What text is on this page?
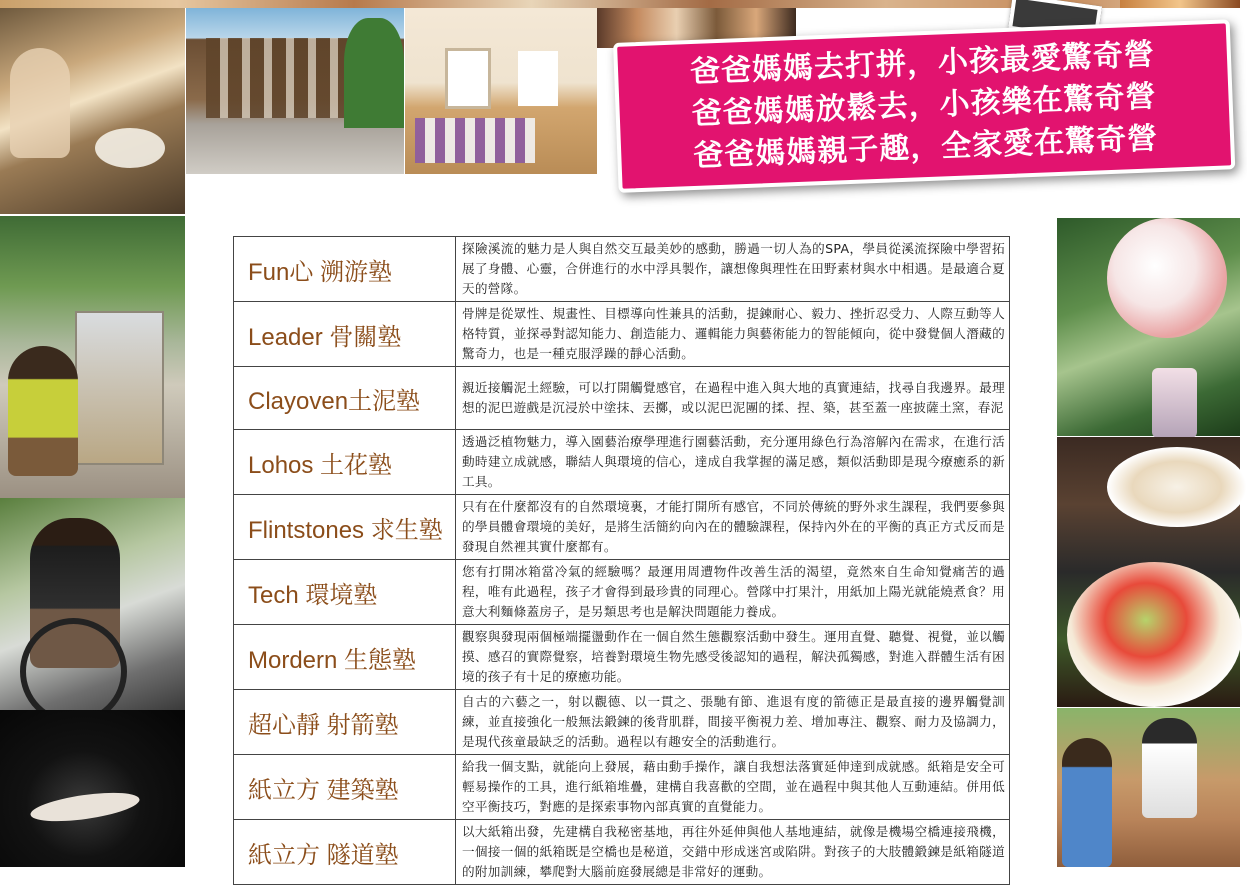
爸爸媽媽去打拼，小孩最愛驚奇營
爸爸媽媽放鬆去，小孩樂在驚奇營
爸爸媽媽親子趣，全家愛在驚奇營
Fun心 溯游塾	探險溪流的魅力是人與自然交互最美妙的感動，勝過一切人為的SPA，學員從溪流探險中學習拓展了身體、心靈，合併進行的水中浮具製作，讓想像與理性在田野素材與水中相遇。是最適合夏天的營隊。

Leader 骨關塾	骨牌是從眾性、規畫性、目標導向性兼具的活動，提鍊耐心、毅力、挫折忍受力、人際互動等人格特質，並探尋對認知能力、創造能力、邏輯能力與藝術能力的智能傾向，從中發覺個人潛藏的驚奇力，也是一種克服浮躁的靜心活動。

Clayoven土泥塾	親近接觸泥土經驗，可以打開觸覺感官，在過程中進入與大地的真實連結，找尋自我邊界。最理想的泥巴遊戲是沉浸於中塗抹、丟擲，或以泥巴泥團的揉、捏、築，甚至蓋一座披薩土窯，春泥

Lohos 土花塾	透過泛植物魅力，導入園藝治療學理進行園藝活動，充分運用綠色行為溶解內在需求，在進行活動時建立成就感，聯結人與環境的信心，達成自我掌握的滿足感，類似活動即是現今療癒系的新工具。

Flintstones 求生塾	只有在什麼都沒有的自然環境裏，才能打開所有感官，不同於傳統的野外求生課程，我們要參與的學員體會環境的美好，是將生活簡約向內在的體驗課程，保持內外在的平衡的真正方式反而是發現自然裡其實什麼都有。

Tech 環境塾	您有打開冰箱當冷氣的經驗嗎？最運用周遭物件改善生活的渴望，竟然來自生命知覺痛苦的過程，唯有此過程，孩子才會得到最珍貴的同理心。營隊中打果汁，用紙加上陽光就能燒煮食？用意大利麵條蓋房子，是另類思考也是解決問題能力養成。

Mordern 生態塾	觀察與發現兩個極端擺盪動作在一個自然生態觀察活動中發生。運用直覺、聽覺、視覺，並以觸摸、感召的實際覺察，培養對環境生物先感受後認知的過程，解決孤獨感，對進入群體生活有困境的孩子有十足的療癒功能。

超心靜 射箭塾	自古的六藝之一，射以觀德、以一貫之、張馳有節、進退有度的箭德正是最直接的邊界觸覺訓練，並直接強化一般無法鍛鍊的後背肌群，間接平衡視力差、增加專注、觀察、耐力及協調力，是現代孩童最缺乏的活動。過程以有趣安全的活動進行。

紙立方 建築塾	給我一個支點，就能向上發展，藉由動手操作，讓自我想法落實延伸達到成就感。紙箱是安全可輕易操作的工具，進行紙箱堆疊，建構自我喜歡的空間，並在過程中與其他人互動連結。併用低空平衡技巧，對應的是探索事物內部真實的直覺能力。

紙立方 隧道塾	以大紙箱出發，先建構自我秘密基地，再往外延伸與他人基地連結，就像是機場空橋連接飛機，一個接一個的紙箱既是空橋也是秘道，交錯中形成迷宮或陷阱。對孩子的大肢體鍛鍊是紙箱隧道的附加訓練，攀爬對大腦前庭發展總是非常好的運動。
